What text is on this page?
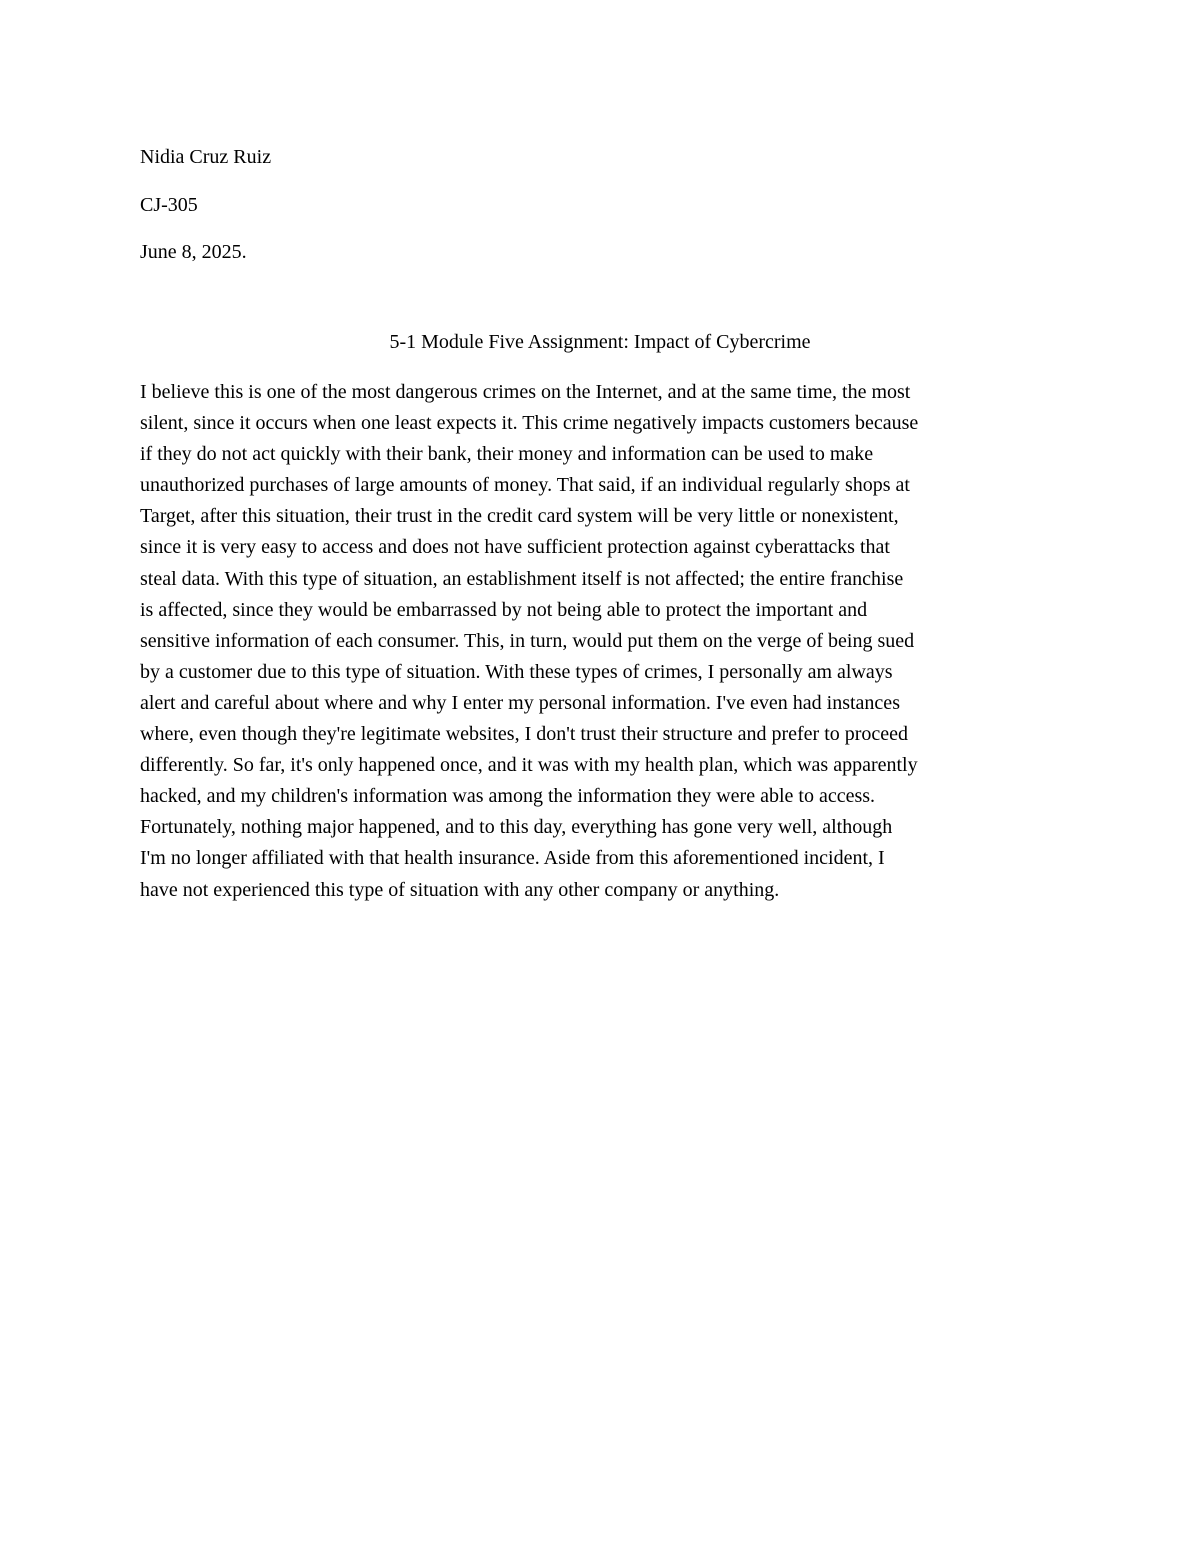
Nidia Cruz Ruiz
CJ-305
June 8, 2025.
5-1 Module Five Assignment: Impact of Cybercrime
I believe this is one of the most dangerous crimes on the Internet, and at the same time, the most
silent, since it occurs when one least expects it. This crime negatively impacts customers because
if they do not act quickly with their bank, their money and information can be used to make
unauthorized purchases of large amounts of money. That said, if an individual regularly shops at
Target, after this situation, their trust in the credit card system will be very little or nonexistent,
since it is very easy to access and does not have sufficient protection against cyberattacks that
steal data. With this type of situation, an establishment itself is not affected; the entire franchise
is affected, since they would be embarrassed by not being able to protect the important and
sensitive information of each consumer. This, in turn, would put them on the verge of being sued
by a customer due to this type of situation. With these types of crimes, I personally am always
alert and careful about where and why I enter my personal information. I've even had instances
where, even though they're legitimate websites, I don't trust their structure and prefer to proceed
differently. So far, it's only happened once, and it was with my health plan, which was apparently
hacked, and my children's information was among the information they were able to access.
Fortunately, nothing major happened, and to this day, everything has gone very well, although
I'm no longer affiliated with that health insurance. Aside from this aforementioned incident, I
have not experienced this type of situation with any other company or anything.
